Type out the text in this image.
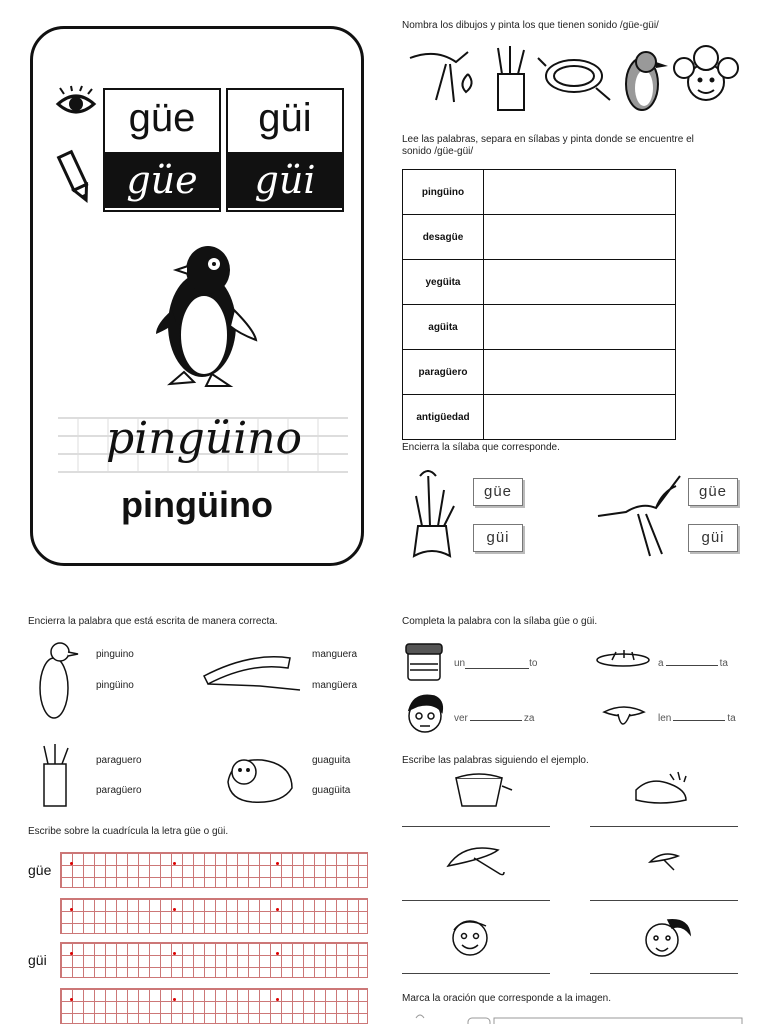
güe
güe
güi
güi
pingüino
pingüino
Nombra los dibujos y pinta los que tienen sonido /güe-güi/
Lee las palabras, separa en sílabas y pinta donde se encuentre el
sonido /güe-güi/
pingüino	
desagüe	
yegüita	
agüita	
paragüero	
antigüedad	
Encierra la sílaba que corresponde.
güe
güi
güe
güi
Encierra la palabra que está escrita de manera correcta.
pinguino
pingüino
manguera
mangüera
paraguero
paragüero
guaguita
guagüita
Completa la palabra con la sílaba güe o güi.
un	to	a	ta
ver	za	len	ta
Escribe las palabras siguiendo el ejemplo.
Escribe sobre la cuadrícula la letra güe o güi.
güe
güi
Marca la oración que corresponde a la imagen.
